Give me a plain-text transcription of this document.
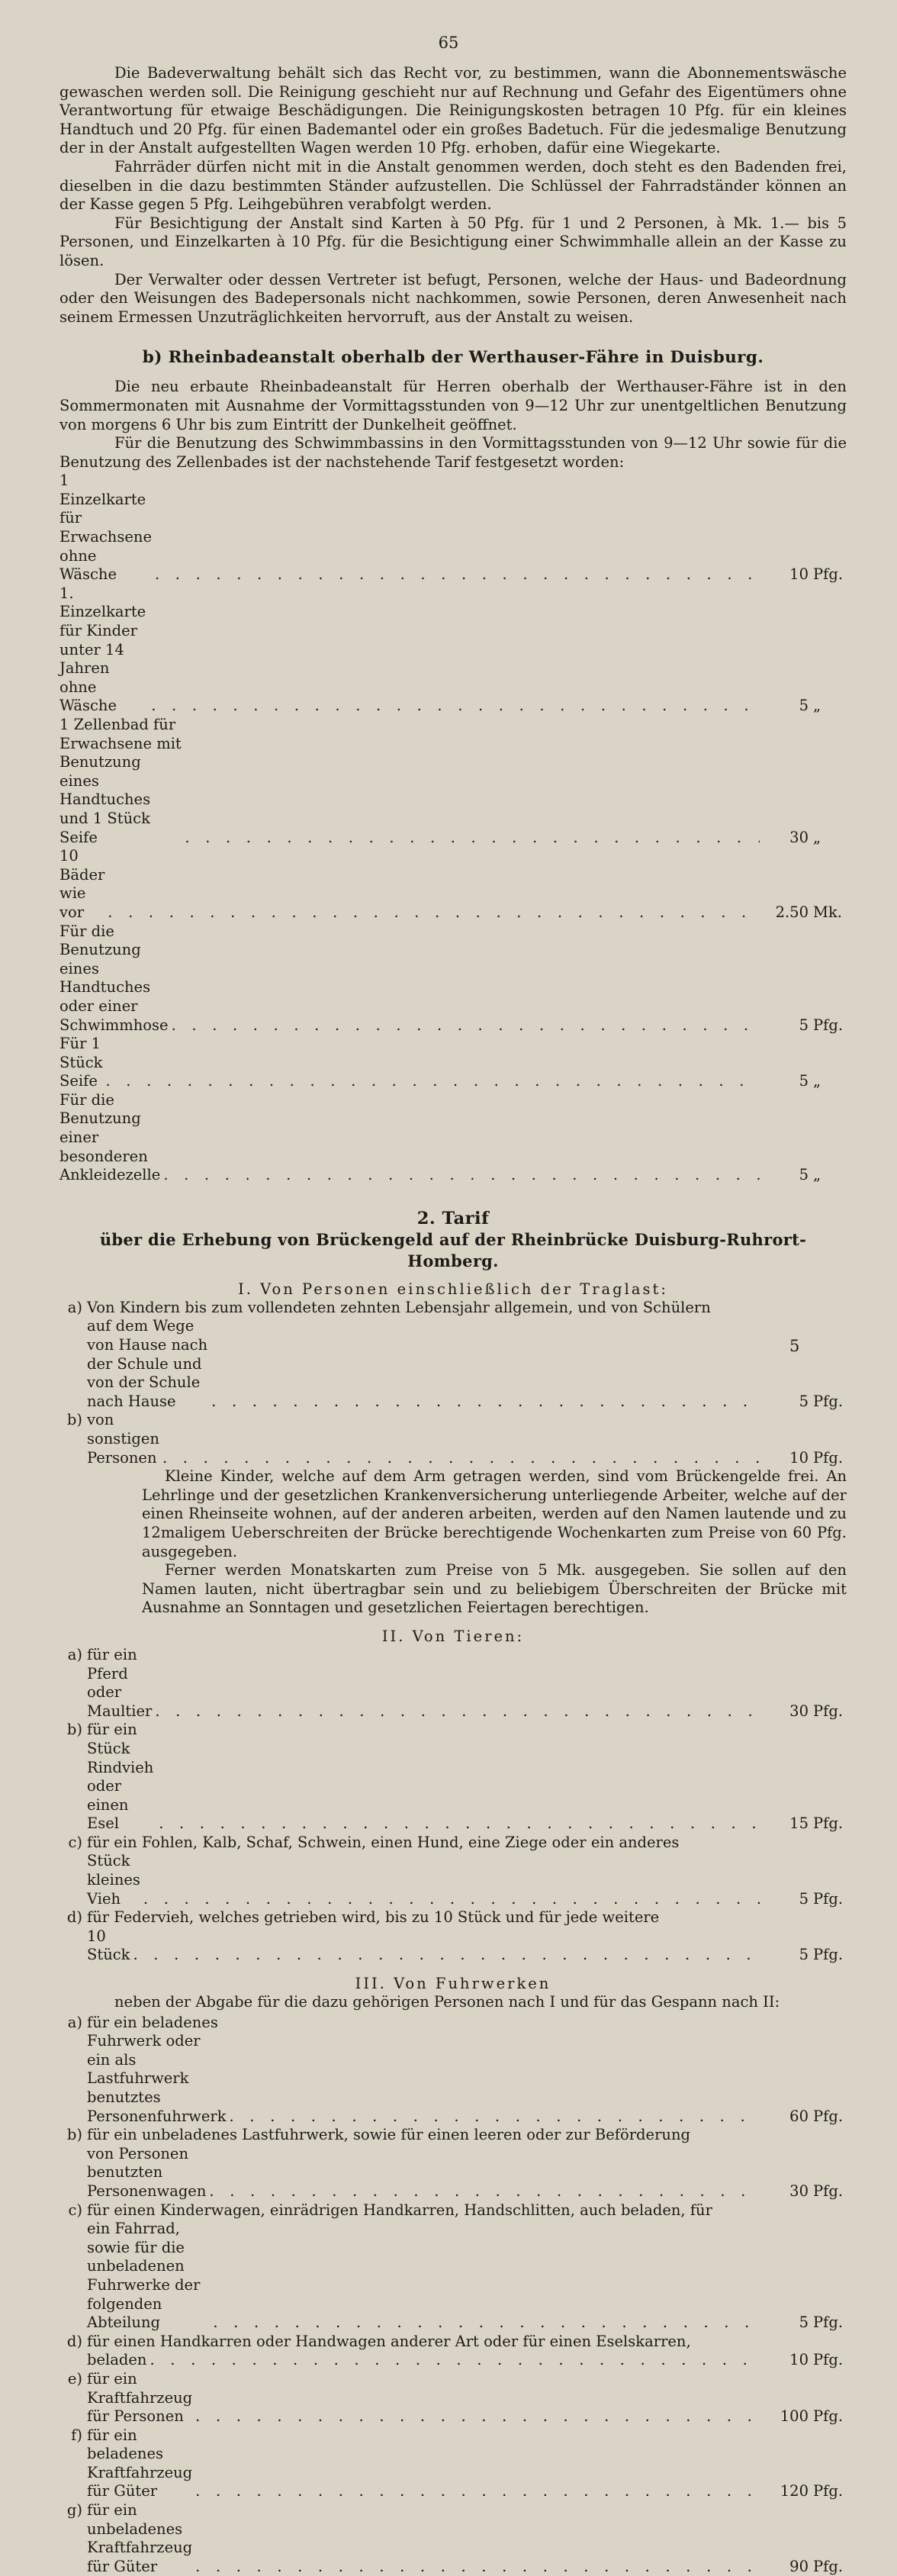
65

Die Badeverwaltung behält sich das Recht vor, zu bestimmen, wann die Abonnementswäsche gewaschen werden soll. Die Reinigung geschieht nur auf Rechnung und Gefahr des Eigentümers ohne Verantwortung für etwaige Beschädigungen. Die Reinigungskosten betragen 10 Pfg. für ein kleines Handtuch und 20 Pfg. für einen Bademantel oder ein großes Badetuch. Für die jedesmalige Benutzung der in der Anstalt aufgestellten Wagen werden 10 Pfg. erhoben, dafür eine Wiegekarte.

Fahrräder dürfen nicht mit in die Anstalt genommen werden, doch steht es den Badenden frei, dieselben in die dazu bestimmten Ständer aufzustellen. Die Schlüssel der Fahrradständer können an der Kasse gegen 5 Pfg. Leihgebühren verabfolgt werden.

Für Besichtigung der Anstalt sind Karten à 50 Pfg. für 1 und 2 Personen, à Mk. 1.— bis 5 Personen, und Einzelkarten à 10 Pfg. für die Besichtigung einer Schwimmhalle allein an der Kasse zu lösen.

Der Verwalter oder dessen Vertreter ist befugt, Personen, welche der Haus- und Badeordnung oder den Weisungen des Badepersonals nicht nachkommen, sowie Personen, deren Anwesenheit nach seinem Ermessen Unzuträglichkeiten hervorruft, aus der Anstalt zu weisen.

b) Rheinbadeanstalt oberhalb der Werthauser-Fähre in Duisburg.

Die neu erbaute Rheinbadeanstalt für Herren oberhalb der Werthauser-Fähre ist in den Sommermonaten mit Ausnahme der Vormittagsstunden von 9—12 Uhr zur unentgeltlichen Benutzung von morgens 6 Uhr bis zum Eintritt der Dunkelheit geöffnet.

Für die Benutzung des Schwimmbassins in den Vormittagsstunden von 9—12 Uhr sowie für die Benutzung des Zellenbades ist der nachstehende Tarif festgesetzt worden:

1 Einzelkarte für Erwachsene ohne Wäsche . . .	10 Pfg.
1. Einzelkarte für Kinder unter 14 Jahren ohne Wäsche . . .	5 „
1 Zellenbad für Erwachsene mit Benutzung eines Handtuches und 1 Stück Seife . . .	30 „
10 Bäder wie vor . . .	2.50 Mk.
Für die Benutzung eines Handtuches oder einer Schwimmhose . . .	5 Pfg.
Für 1 Stück Seife . . .	5 „
Für die Benutzung einer besonderen Ankleidezelle . . .	5 „
2. Tarif
über die Erhebung von Brückengeld auf der Rheinbrücke Duisburg-Ruhrort-Homberg.
I. Von Personen einschließlich der Traglast:
a) Von Kindern bis zum vollendeten zehnten Lebensjahr allgemein, und von Schülern
auf dem Wege von Hause nach der Schule und von der Schule nach Hause . . .	5 Pfg.
b) von sonstigen Personen . . .	10 Pfg.
Kleine Kinder, welche auf dem Arm getragen werden, sind vom Brückengelde frei. An Lehrlinge und der gesetzlichen Krankenversicherung unterliegende Arbeiter, welche auf der einen Rheinseite wohnen, auf der anderen arbeiten, werden auf den Namen lautende und zu 12maligem Ueberschreiten der Brücke berechtigende Wochenkarten zum Preise von 60 Pfg. ausgegeben.
Ferner werden Monatskarten zum Preise von 5 Mk. ausgegeben. Sie sollen auf den Namen lauten, nicht übertragbar sein und zu beliebigem Überschreiten der Brücke mit Ausnahme an Sonntagen und gesetzlichen Feiertagen berechtigen.
II. Von Tieren:
a) für ein Pferd oder Maultier . . .	30 Pfg.
b) für ein Stück Rindvieh oder einen Esel . . .	15 Pfg.
c) für ein Fohlen, Kalb, Schaf, Schwein, einen Hund, eine Ziege oder ein anderes
Stück kleines Vieh . . .	5 Pfg.
d) für Federvieh, welches getrieben wird, bis zu 10 Stück und für jede weitere
10 Stück . . .	5 Pfg.
III. Von Fuhrwerken
neben der Abgabe für die dazu gehörigen Personen nach I und für das Gespann nach II:
a) für ein beladenes Fuhrwerk oder ein als Lastfuhrwerk benutztes Personenfuhrwerk . . .	60 Pfg.
b) für ein unbeladenes Lastfuhrwerk, sowie für einen leeren oder zur Beförderung
von Personen benutzten Personenwagen . . .	30 Pfg.
c) für einen Kinderwagen, einrädrigen Handkarren, Handschlitten, auch beladen, für
ein Fahrrad, sowie für die unbeladenen Fuhrwerke der folgenden Abteilung . . .	5 Pfg.
d) für einen Handkarren oder Handwagen anderer Art oder für einen Eselskarren,
beladen . . .	10 Pfg.
e) für ein Kraftfahrzeug für Personen . . .	100 Pfg.
f) für ein beladenes Kraftfahrzeug für Güter . . .	120 Pfg.
g) für ein unbeladenes Kraftfahrzeug für Güter . . .	90 Pfg.
5
